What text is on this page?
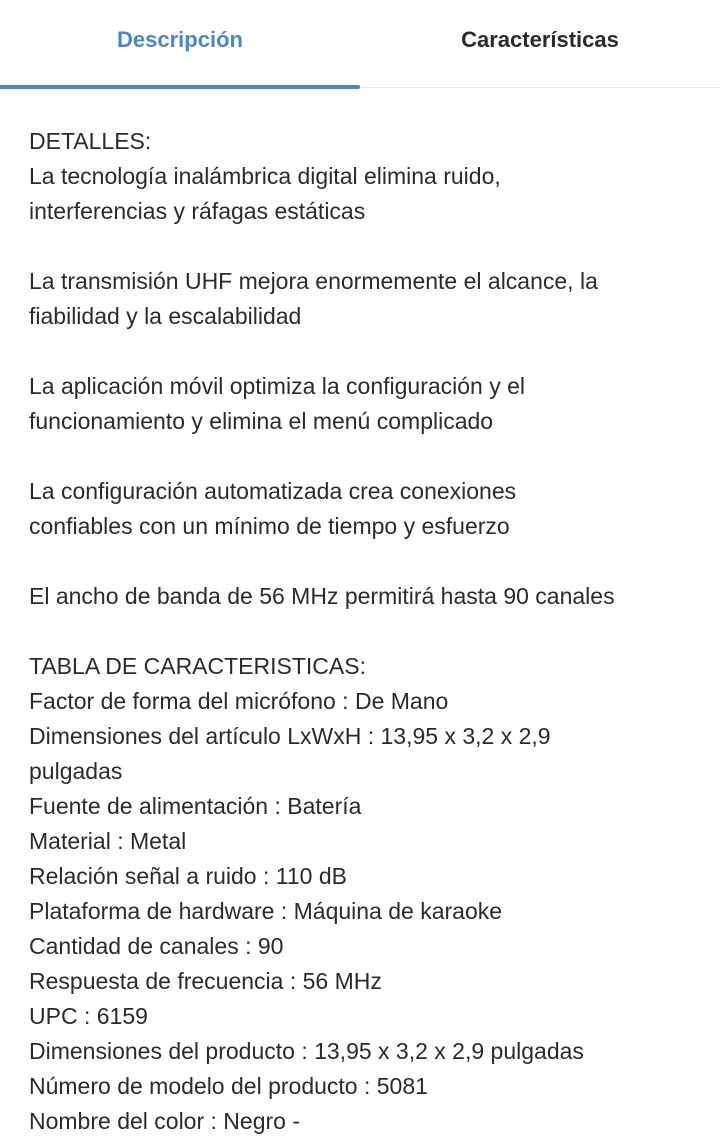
Descripción	Características
DETALLES:
La tecnología inalámbrica digital elimina ruido,
interferencias y ráfagas estáticas
La transmisión UHF mejora enormemente el alcance, la
fiabilidad y la escalabilidad
La aplicación móvil optimiza la configuración y el
funcionamiento y elimina el menú complicado
La configuración automatizada crea conexiones
confiables con un mínimo de tiempo y esfuerzo
El ancho de banda de 56 MHz permitirá hasta 90 canales
TABLA DE CARACTERISTICAS:
Factor de forma del micrófono : De Mano
Dimensiones del artículo LxWxH : 13,95 x 3,2 x 2,9
pulgadas
Fuente de alimentación : Batería
Material : Metal
Relación señal a ruido : 110 dB
Plataforma de hardware : Máquina de karaoke
Cantidad de canales : 90
Respuesta de frecuencia : 56 MHz
UPC : 6159
Dimensiones del producto : 13,95 x 3,2 x 2,9 pulgadas
Número de modelo del producto : 5081
Nombre del color : Negro -
